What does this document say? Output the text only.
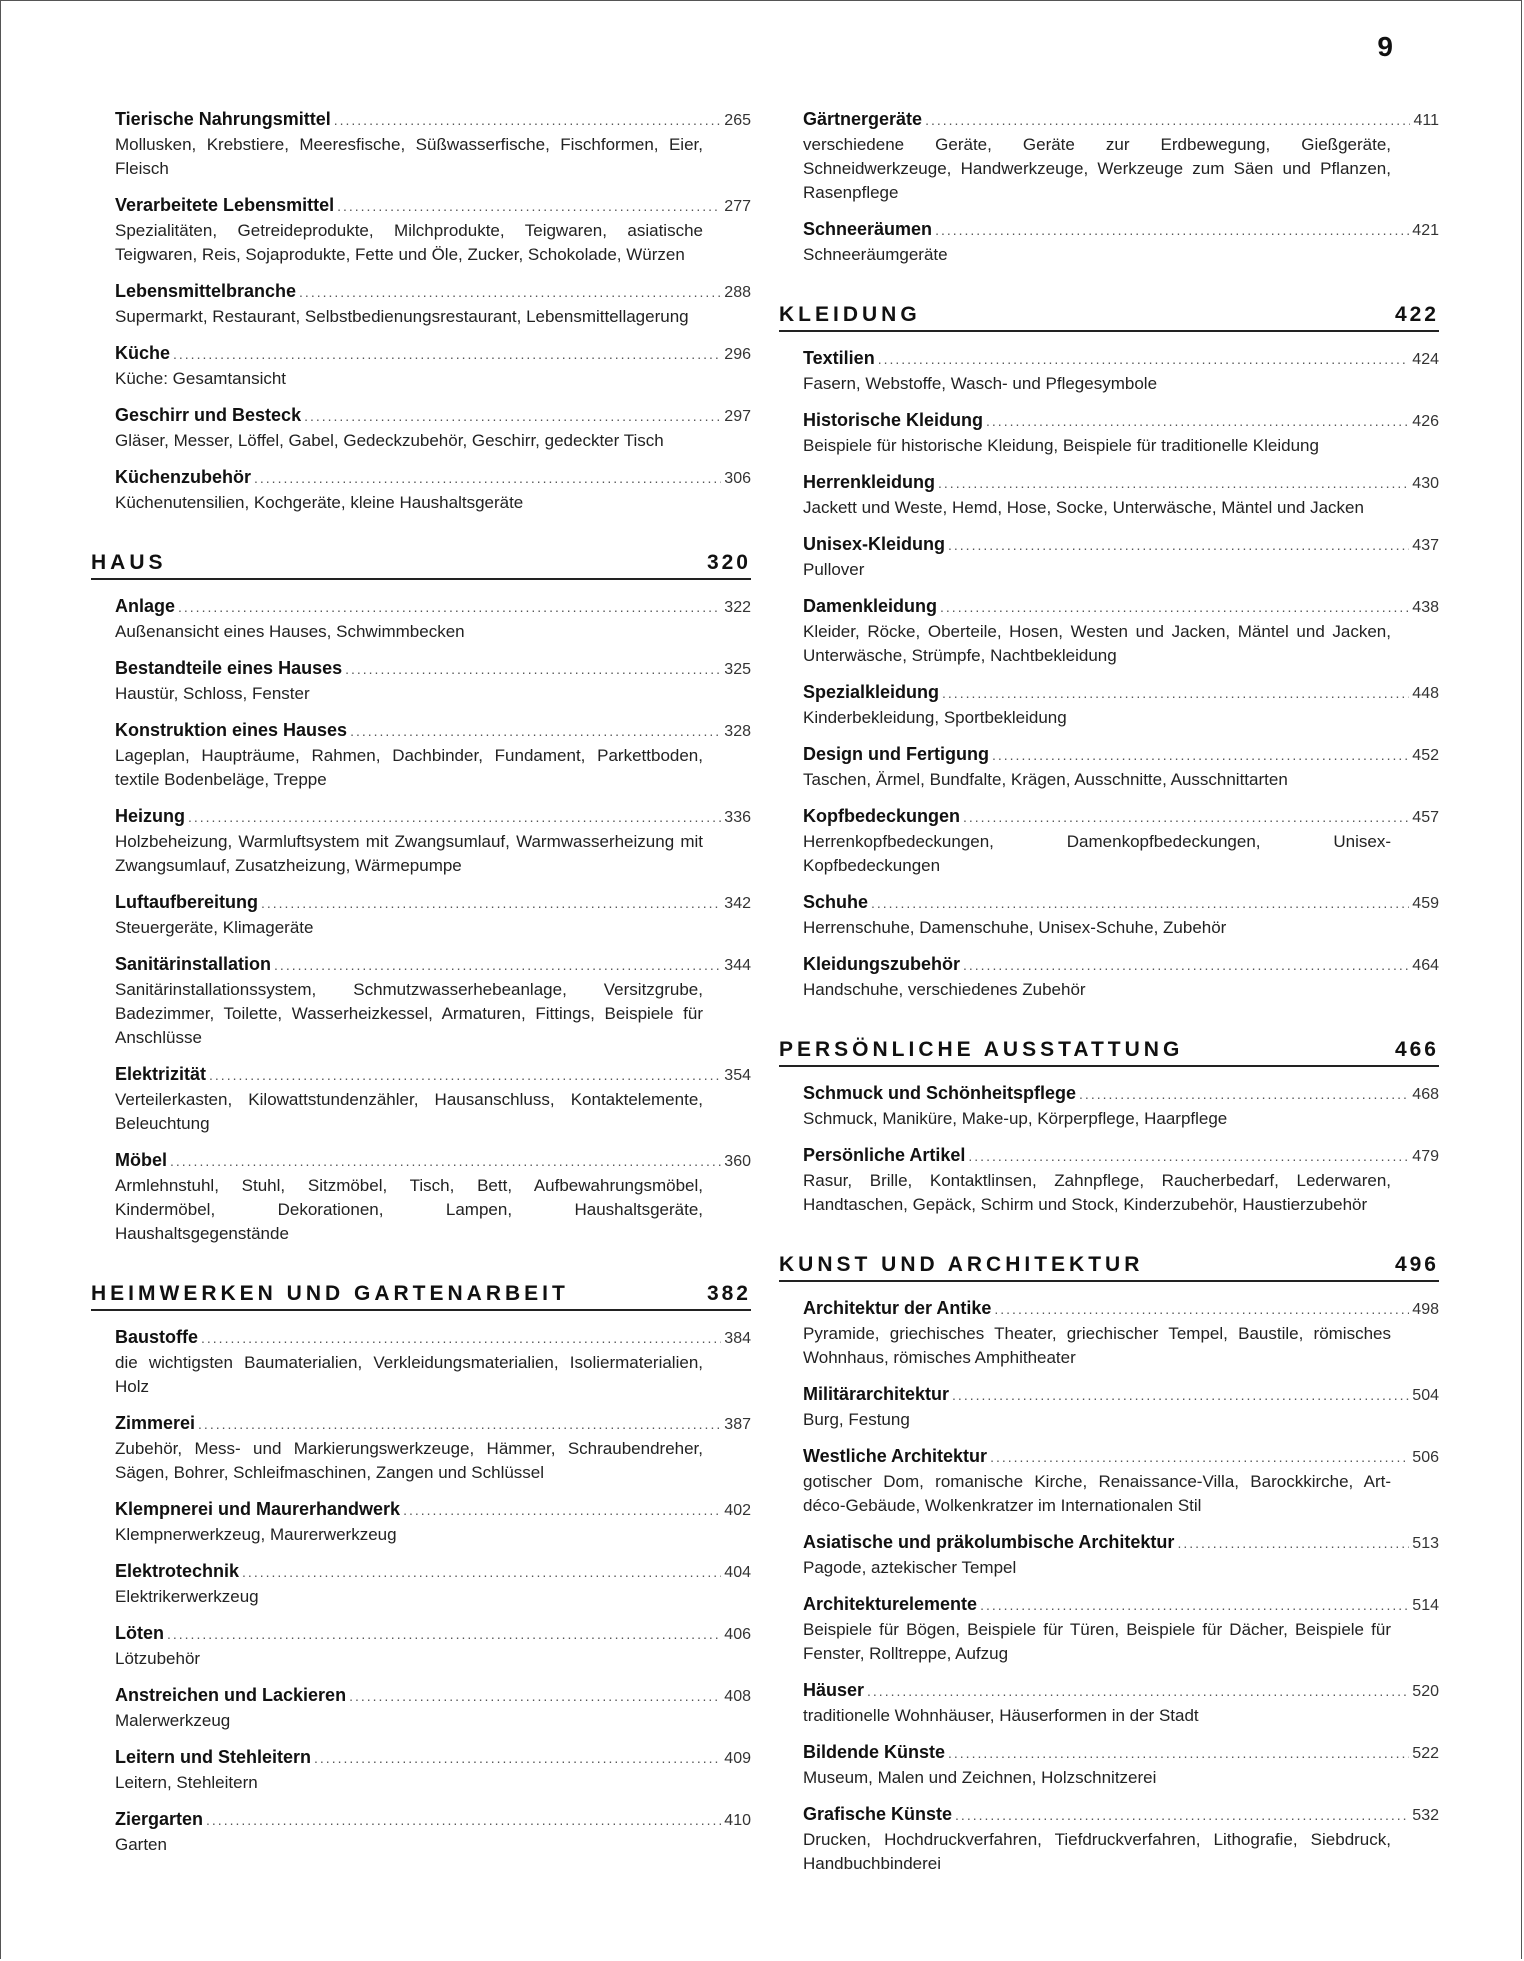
9
Tierische Nahrungsmittel .....	265
Mollusken, Krebstiere, Meeresfische, Süßwasserfische, Fischformen, Eier, Fleisch
Verarbeitete Lebensmittel .....	277
Spezialitäten, Getreideprodukte, Milchprodukte, Teigwaren, asiatische Teigwaren, Reis, Sojaprodukte, Fette und Öle, Zucker, Schokolade, Würzen
Lebensmittelbranche .....	288
Supermarkt, Restaurant, Selbstbedienungsrestaurant, Lebensmittellagerung
Küche .....	296
Küche: Gesamtansicht
Geschirr und Besteck .....	297
Gläser, Messer, Löffel, Gabel, Gedeckzubehör, Geschirr, gedeckter Tisch
Küchenzubehör .....	306
Küchenutensilien, Kochgeräte, kleine Haushaltsgeräte
HAUS	320
Anlage .....	322
Außenansicht eines Hauses, Schwimmbecken
Bestandteile eines Hauses .....	325
Haustür, Schloss, Fenster
Konstruktion eines Hauses .....	328
Lageplan, Haupträume, Rahmen, Dachbinder, Fundament, Parkettboden, textile Bodenbeläge, Treppe
Heizung .....	336
Holzbeheizung, Warmluftsystem mit Zwangsumlauf, Warmwasserheizung mit Zwangsumlauf, Zusatzheizung, Wärmepumpe
Luftaufbereitung .....	342
Steuergeräte, Klimageräte
Sanitärinstallation .....	344
Sanitärinstallationssystem, Schmutzwasserhebeanlage, Versitzgrube, Badezimmer, Toilette, Wasserheizkessel, Armaturen, Fittings, Beispiele für Anschlüsse
Elektrizität .....	354
Verteilerkasten, Kilowattstundenzähler, Hausanschluss, Kontaktelemente, Beleuchtung
Möbel .....	360
Armlehnstuhl, Stuhl, Sitzmöbel, Tisch, Bett, Aufbewahrungsmöbel, Kindermöbel, Dekorationen, Lampen, Haushaltsgeräte, Haushaltsgegenstände
HEIMWERKEN UND GARTENARBEIT	382
Baustoffe .....	384
die wichtigsten Baumaterialien, Verkleidungsmaterialien, Isoliermaterialien, Holz
Zimmerei .....	387
Zubehör, Mess- und Markierungswerkzeuge, Hämmer, Schraubendreher, Sägen, Bohrer, Schleifmaschinen, Zangen und Schlüssel
Klempnerei und Maurerhandwerk .....	402
Klempnerwerkzeug, Maurerwerkzeug
Elektrotechnik .....	404
Elektrikerwerkzeug
Löten .....	406
Lötzubehör
Anstreichen und Lackieren .....	408
Malerwerkzeug
Leitern und Stehleitern .....	409
Leitern, Stehleitern
Ziergarten .....	410
Garten
Gärtnergeräte .....	411
verschiedene Geräte, Geräte zur Erdbewegung, Gießgeräte, Schneidwerkzeuge, Handwerkzeuge, Werkzeuge zum Säen und Pflanzen, Rasenpflege
Schneeräumen .....	421
Schneeräumgeräte
KLEIDUNG	422
Textilien .....	424
Fasern, Webstoffe, Wasch- und Pflegesymbole
Historische Kleidung .....	426
Beispiele für historische Kleidung, Beispiele für traditionelle Kleidung
Herrenkleidung .....	430
Jackett und Weste, Hemd, Hose, Socke, Unterwäsche, Mäntel und Jacken
Unisex-Kleidung .....	437
Pullover
Damenkleidung .....	438
Kleider, Röcke, Oberteile, Hosen, Westen und Jacken, Mäntel und Jacken, Unterwäsche, Strümpfe, Nachtbekleidung
Spezialkleidung .....	448
Kinderbekleidung, Sportbekleidung
Design und Fertigung .....	452
Taschen, Ärmel, Bundfalte, Krägen, Ausschnitte, Ausschnittarten
Kopfbedeckungen .....	457
Herrenkopfbedeckungen, Damenkopfbedeckungen, Unisex-Kopfbedeckungen
Schuhe .....	459
Herrenschuhe, Damenschuhe, Unisex-Schuhe, Zubehör
Kleidungszubehör .....	464
Handschuhe, verschiedenes Zubehör
PERSÖNLICHE AUSSTATTUNG	466
Schmuck und Schönheitspflege .....	468
Schmuck, Maniküre, Make-up, Körperpflege, Haarpflege
Persönliche Artikel .....	479
Rasur, Brille, Kontaktlinsen, Zahnpflege, Raucherbedarf, Lederwaren, Handtaschen, Gepäck, Schirm und Stock, Kinderzubehör, Haustierzubehör
KUNST UND ARCHITEKTUR	496
Architektur der Antike .....	498
Pyramide, griechisches Theater, griechischer Tempel, Baustile, römisches Wohnhaus, römisches Amphitheater
Militärarchitektur .....	504
Burg, Festung
Westliche Architektur .....	506
gotischer Dom, romanische Kirche, Renaissance-Villa, Barockkirche, Art-déco-Gebäude, Wolkenkratzer im Internationalen Stil
Asiatische und präkolumbische Architektur .....	513
Pagode, aztekischer Tempel
Architekturelemente .....	514
Beispiele für Bögen, Beispiele für Türen, Beispiele für Dächer, Beispiele für Fenster, Rolltreppe, Aufzug
Häuser .....	520
traditionelle Wohnhäuser, Häuserformen in der Stadt
Bildende Künste .....	522
Museum, Malen und Zeichnen, Holzschnitzerei
Grafische Künste .....	532
Drucken, Hochdruckverfahren, Tiefdruckverfahren, Lithografie, Siebdruck, Handbuchbinderei
